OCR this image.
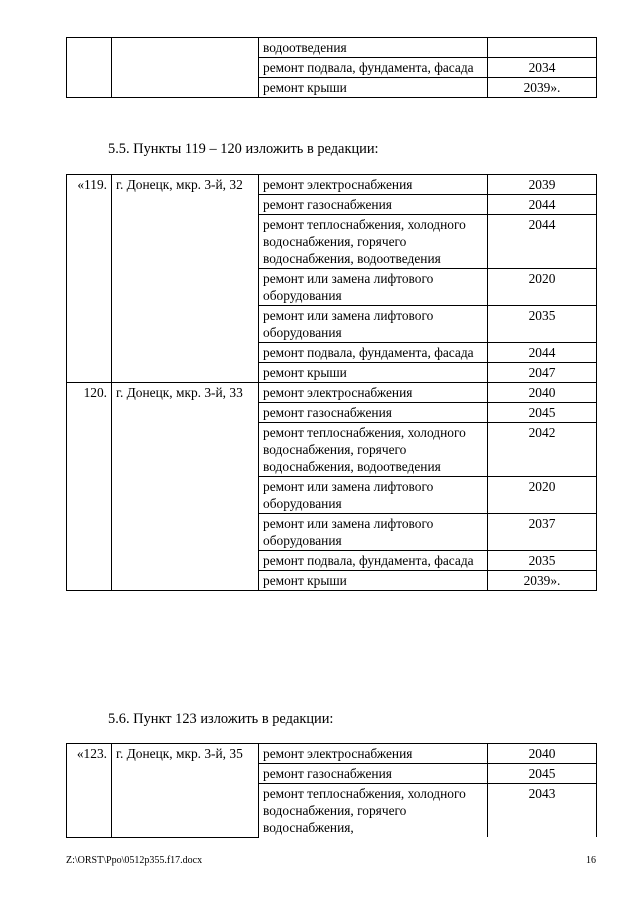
		водоотведения	
		ремонт подвала, фундамента, фасада	2034
		ремонт крыши	2039».
5.5. Пункты 119 – 120 изложить в редакции:
«119.	г. Донецк, мкр. 3-й, 32	ремонт электроснабжения	2039
		ремонт газоснабжения	2044
		ремонт теплоснабжения, холодного водоснабжения, горячего водоснабжения, водоотведения	2044
		ремонт или замена лифтового оборудования	2020
		ремонт или замена лифтового оборудования	2035
		ремонт подвала, фундамента, фасада	2044
		ремонт крыши	2047
120.	г. Донецк, мкр. 3-й, 33	ремонт электроснабжения	2040
		ремонт газоснабжения	2045
		ремонт теплоснабжения, холодного водоснабжения, горячего водоснабжения, водоотведения	2042
		ремонт или замена лифтового оборудования	2020
		ремонт или замена лифтового оборудования	2037
		ремонт подвала, фундамента, фасада	2035
		ремонт крыши	2039».
5.6. Пункт 123 изложить в редакции:
«123.	г. Донецк, мкр. 3-й, 35	ремонт электроснабжения	2040
		ремонт газоснабжения	2045
		ремонт теплоснабжения, холодного водоснабжения, горячего водоснабжения,	2043
Z:\ORST\Ppo\0512p355.f17.docx	16
